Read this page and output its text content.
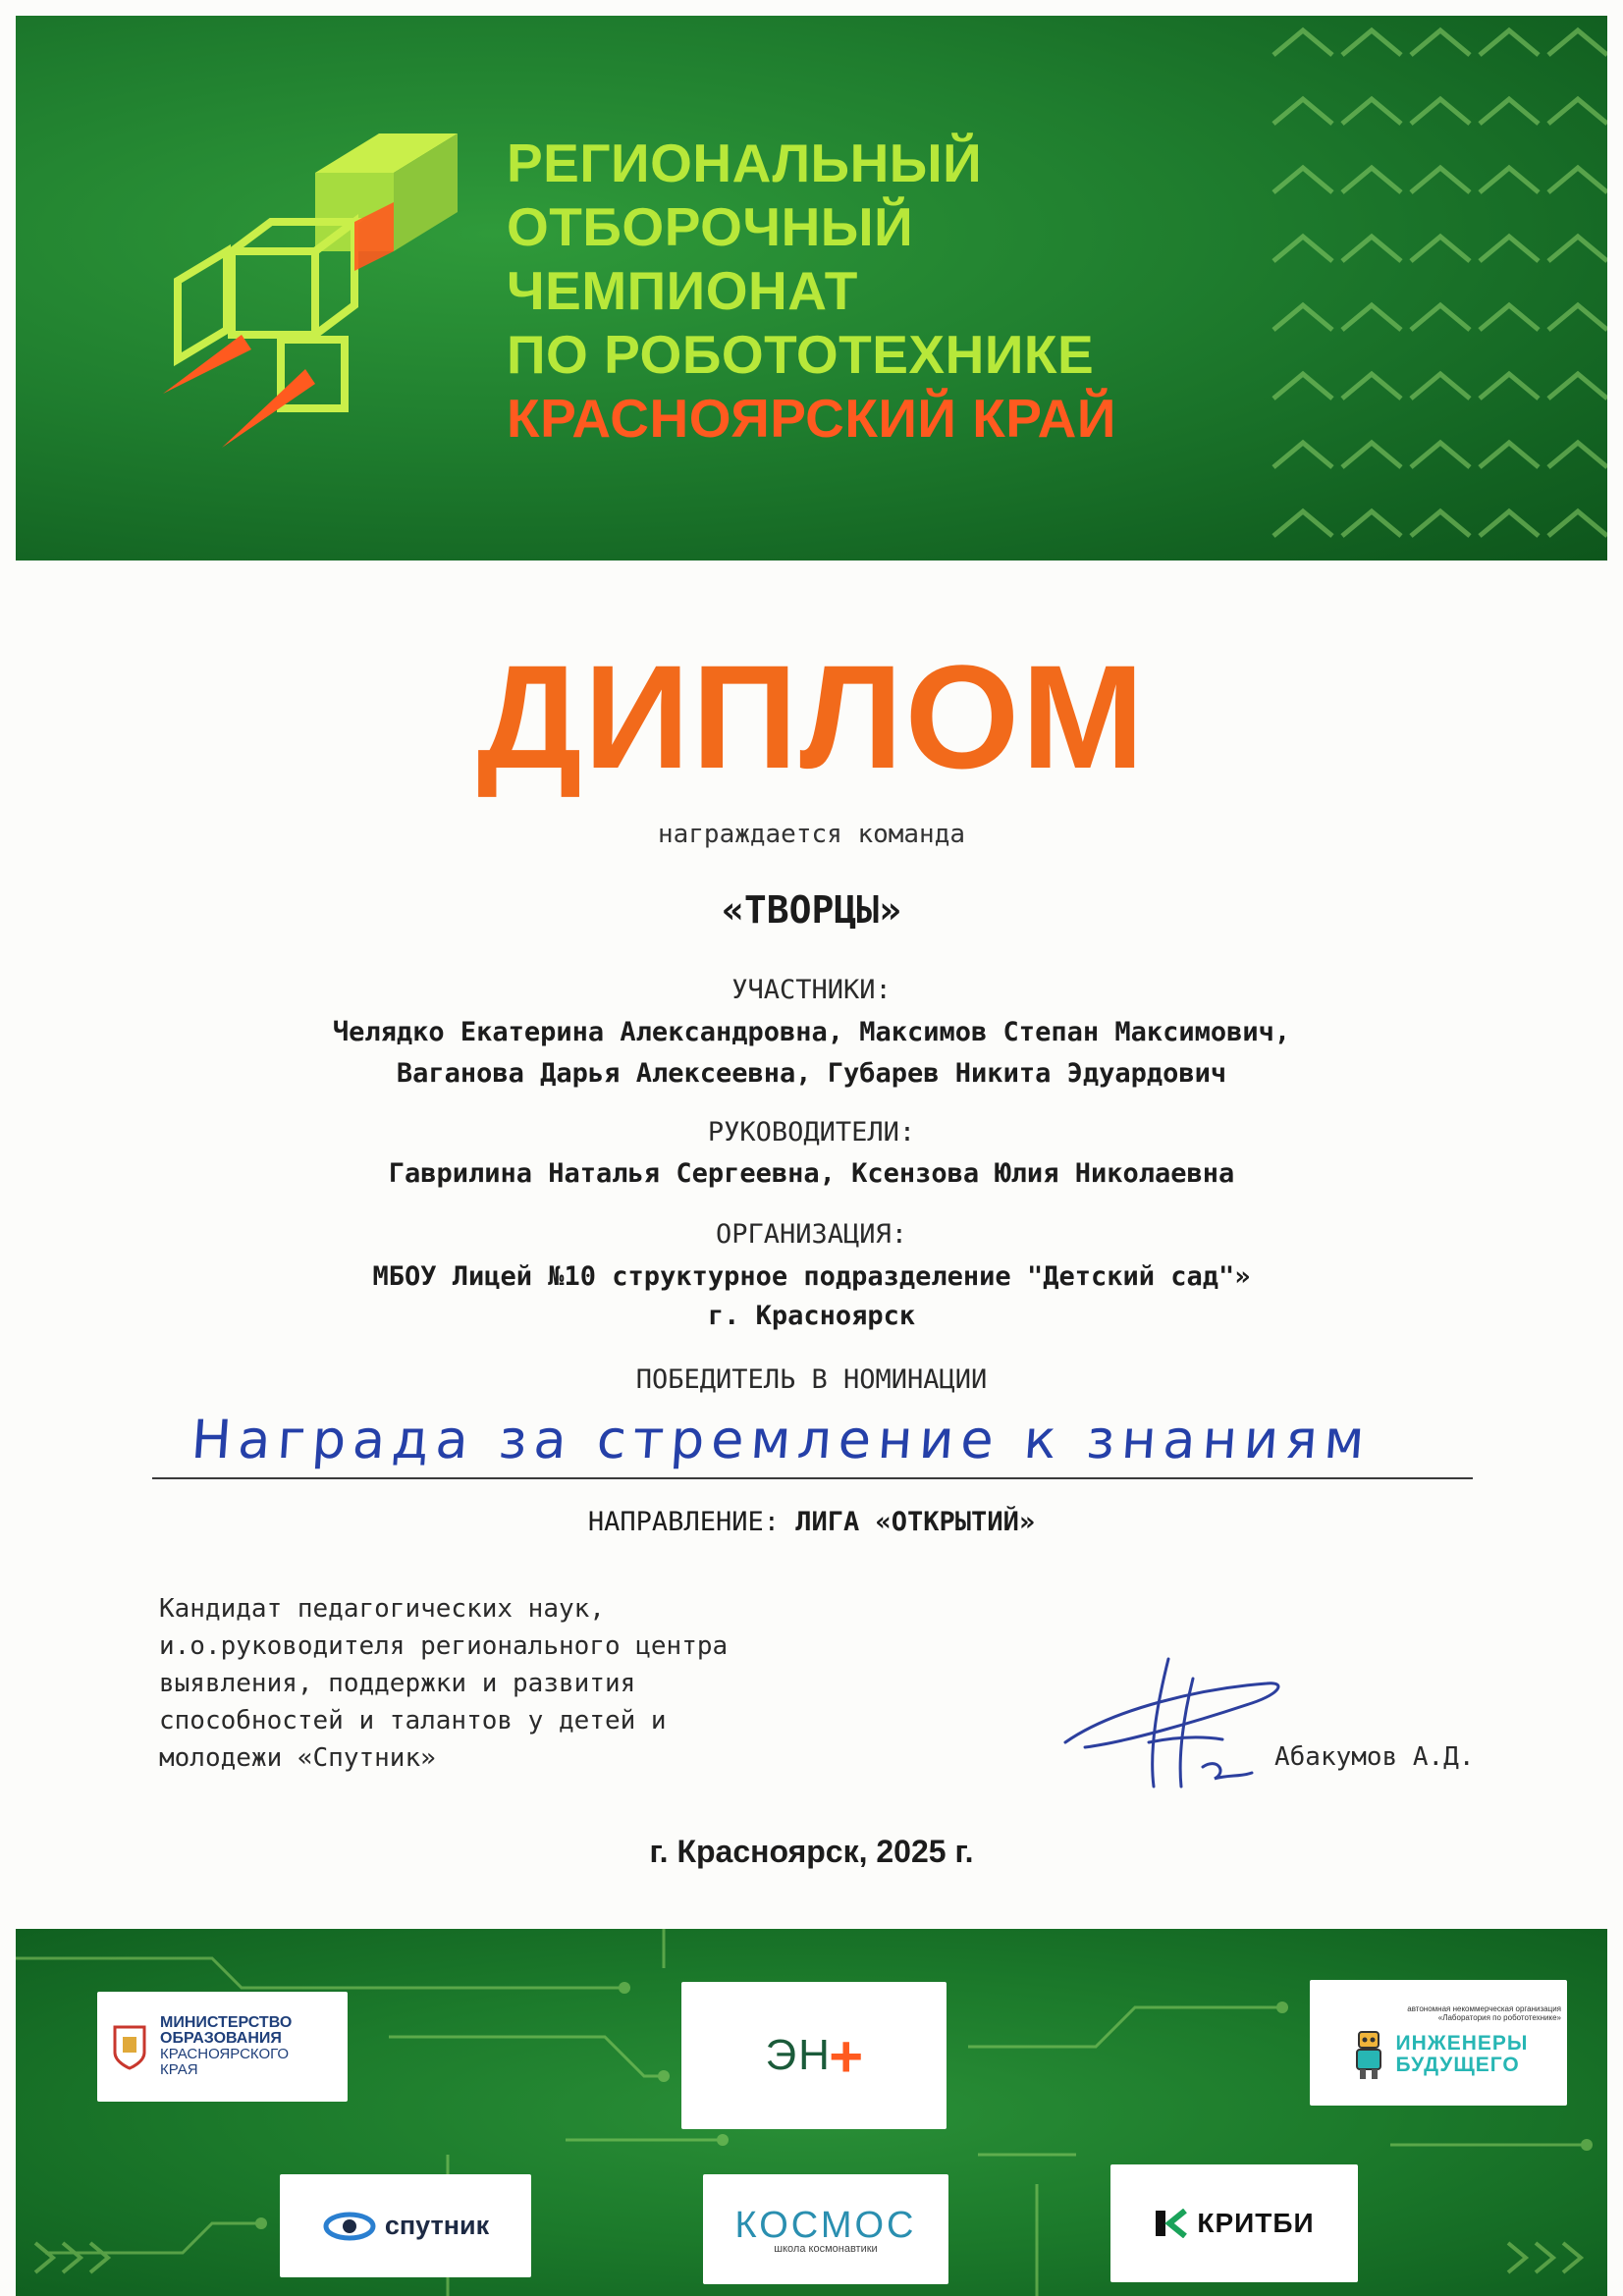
РЕГИОНАЛЬНЫЙ
ОТБОРОЧНЫЙ
ЧЕМПИОНАТ
ПО РОБОТОТЕХНИКЕ
КРАСНОЯРСКИЙ КРАЙ
ДИПЛОМ
награждается команда
«ТВОРЦЫ»
УЧАСТНИКИ:
Челядко Екатерина Александровна, Максимов Степан Максимович,
Ваганова Дарья Алексеевна, Губарев Никита Эдуардович
РУКОВОДИТЕЛИ:
Гаврилина Наталья Сергеевна, Ксензова Юлия Николаевна
ОРГАНИЗАЦИЯ:
МБОУ Лицей №10 структурное подразделение "Детский сад"»
г. Красноярск
ПОБЕДИТЕЛЬ В НОМИНАЦИИ
Награда за стремление к знаниям
НАПРАВЛЕНИЕ: ЛИГА «ОТКРЫТИЙ»
Кандидат педагогических наук,
и.о.руководителя регионального центра
выявления, поддержки и развития
способностей и талантов у детей и
молодежи «Спутник»	Абакумов А.Д.
г. Красноярск, 2025 г.
МИНИСТЕРСТВО
ОБРАЗОВАНИЯ
КРАСНОЯРСКОГО
КРАЯ	ЭН
+
автономная некоммерческая организация
«Лаборатория по робототехнике»
ИНЖЕНЕРЫ
БУДУЩЕГО
спутник	КОСМОС
школа космонавтики
КРИТБИ
